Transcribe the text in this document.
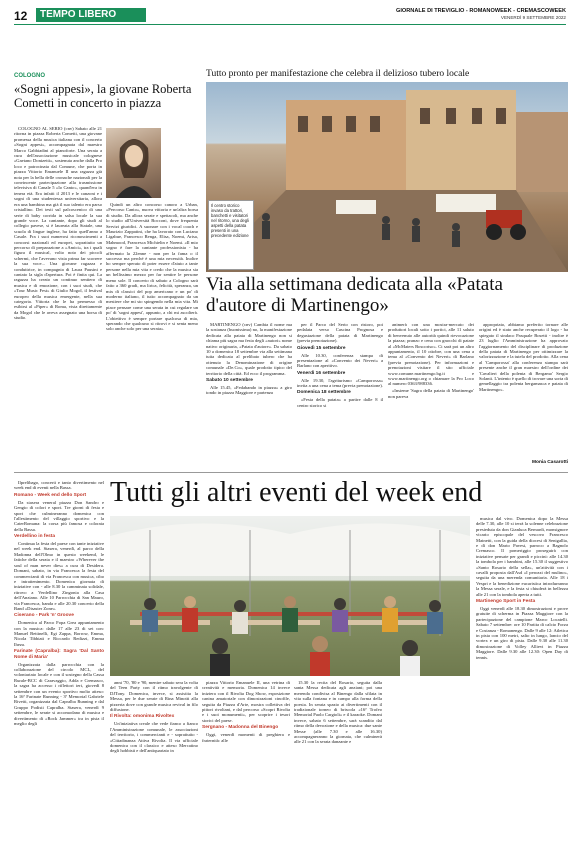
12	TEMPO LIBERO	GIORNALE DI TREVIGLIO - ROMANOWEEK - CREMASCOWEEK
VENERDÌ 9 SETTEMBRE 2022
COLOGNO
«Sogni appesi», la giovane Roberta Cometti in concerto in piazza

COLOGNO AL SERIO (cnv) Sabato alle 21 ritorna in piazza Roberta Cometti, una giovane promessa della musica italiana con il concerto «Sogni appesi», accompagnata dal maestro Marco Gabbiadini al pianoforte. Una serata a cura dell'associazione musicale colognese «Gaetano Donizetti», sostenuta anche dalla Pro loco e patrocinata dal Comune, che porta in piazza Vittorio Emanuele II una ragazza già nota per la bella delle cronache nazionali per la convincente partecipazione alla trasmissione televisiva di Canale 5 «Io Canto», quand'era in tenera età. Era infatti il 2013 e le canzoni e i sogni di una studentessa universitaria, allora era una bambina ma già il suo talento era parso cristallino. Dei testi sul palcoscenico di una serie di baby corrida in salsa locale la sua grande voce. La cantante, dopo gli studi al collegio pavese, si è laureata alla Statale, una scuola di lingue inglese, ha fatto quell'anno a Casale. Fra i suoi numerosi riconoscimenti a concorsi nazionali ed europei, soprattutto un percorso di preparazione a «Amici», tra i quali figura il musical, volto noto dei piccoli schermi, che l'avevano vista prima far scorrere la sua voce... Una giovane ragazza e conduttrice, in compagnia di Laura Pausini e cantato la sigla d'apertura. Poi è finita qui. La ragazza ha creato un continuo sentiero di musica e di emozione, con i suoi studi, che «Tour Music Fest» di Giulio Mogol, il festival europeo della musica emergente, nella sua categoria. Vittoria che le ha permesso di esibirsi al «Piper» di Roma, vista direttamente da Mogol che le aveva assegnato una borsa di studio.

Quindi un altro concorso canoro a Urban, «Percorso Canto», nuova vittoria e un'altra borsa di studio. Da allora serate e spettacoli, ma anche lo studio all'Università Bocconi, dove frequenta Servizi giuridici. A suonare con i vocal coach e Maurizio Zappatini, che ha lavorato con Luciano Ligabue, Francesco Renga, Elisa, Noemi, Arisa, Mahmood, Francesca Michielin e Noemi. «Il mio sogno è fare la cantante professionista - ha affermato la 22enne - non per la fama o il successo ma perché è una mia necessità. Inoltre ho sempre sperato di poter essere d'aiuto a tante persone nella mia vita e credo che la musica sia un bellissimo mezzo per far sentire le persone meno sole. Il concerto di sabato a Cologno sarà fatto a 360 gradi, ma lirica, felicità, speranza, un mix di classici del pop americano e un po' di moderno italiano, il tutto accompagnato da un mestiere che mi sto spingendo nella mia vita. Mi piace pensare come una serata in cui regalare un po' di 'sogni appesi', appunto, a chi mi ascolterà. L'obiettivo è sempre portare qualcosa di mia, sperando che qualcuno si ritrovi e si senta meno solo anche solo per una serata».

Tutto pronto per manifestazione che celebra il delizioso tubero locale
Il centro storico invaso da trattori, banchetti e visitatori nel ritorno, una degli aspetti della patata presenti in una precedente edizione
Via alla settimana dedicata alla «Patata d'autore di Martinengo»

MARTINENGO (cnv) Cambia il nome ma la sostanza (buonissima) no, la manifestazione dedicata alla patata di Martinengo non si chiama più sagra ma festa degli «autori» nome nativo originaria, «Patata d'autore». Da sabato 10 a domenica 18 settembre via alla settimana tutta dedicata al prelibato tubero che ha ottenuto la Denominazione di origine comunale «De.Co», quale prodotto tipico del territorio della città. Ed ecco il programma.

Sabato 10 settembre

Alle 15.45, «Fedabando in piazza» a giro tondo in piazza Maggiore e partenza

per il Parco del Serio con ristoro, poi pedalata verso Cascina Prognosa e degustazione della patata di Martinengo (previa prenotazione).

Giovedì 15 settembre

Alle 10.30, conferenza stampa di presentazione al «Convento dei Neveri» a Barlano con aperitivo.

Venerdì 16 settembre

Alle 19.30, l'agriturismo «Camporossa» invita a una cena a tema (previa prenotazione).

Domenica 18 settembre

«Festa della patata» a partire dalle 8 il centro storico si

animerà con una mostra-mercato dei produttori locali sotto i portici, alle 11 saluto di benvenuto alle autorità quindi rievocazione la piazza; pranzo e cena con gnocchi di patate al «McMaters Boscoriso». Ci sarà poi un altro appuntamento, il 10 ottobre, con una cena a tema al «Convento dei Neveri» di Barlano (previa prenotazione). Per informazioni e prenotazioni visitare il sito ufficiale www.comune.martinengo.bg.it e www.martinengo.org o chiamare la Pro Loco al numero 0363/988336.

«Insieme 'Sagra della patata di Martinengo' non pareva

appropriato, abbiamo preferito tornare alle origini ed è stato anche recuperato il logo - ha spiegato il sindaco Pasquale Bosetti - inoltre è 23 luglio l'Amministrazione ha approvato l'aggiornamento del disciplinare di produzione della patata di Martinengo per ottimizzare la valorizzazione e la tutela del prodotto. Alla cena al 'Camporossa' alla conferenza stampa sarà presente anche il gran maestro dell'ordine dei 'Cavalieri della polenta di Bergamo' Sergio Solanti. L'intento è quello di trovare una sorta di gemellaggio tra polenta bergamasca e patata di Martinengo».

Monia Casarotti
Tutti gli altri eventi del week end

Ilprelibago, concerti e tanto divertimento nel week end di eventi nella Bassa.

Romano - Week end dello Sport

Da stasera veneral piazza Don Sandro e Gengio di colori e sport. Tre giorni di festa e sport che culmineranno domenica con l'allestimento del villaggio sportivo e la CaterRomana: la corsa più famosa e colorata della Bassa.

Verdellino in festa

Continua la festa del paese con tante iniziative nel week end. Stasera, venerdì, al parco della Madonna dell'Olmo in questo weekend, le fatiche della serata e il maestro «Wherever the soul of man never dies» a cura di Desidera. Domani, sabato, in via Francesca la festa del commercianti di via Francesca con musica, cibo e intrattenimento. Domenica giornata di iniziative con - alle 8.30 la camminata solidale, ritrovo a Verdellino Zingonia alla Casa dell'Anziano. Alle 10 Parrocchia di San Mauro, via Francesca, banda e alle 20.30 concerto della Band «Disaster Zone».

Ciserano - Park 'n' Groove

Domenica al Parco Fopa Grea appuntamento con la musica: dalle 17 alle 23 di set con: Manuel Bettinelli, Egi Zappa, Borrow, Emma, Nicola Tibbiati e Riccardo Redizzi, Emma Iheza.

Farinate (Capralba): Sagra 'Dal Santo Nome di Maria'

Organizzata dalla parrocchia con la collaborazione del circolo MCL, del volontariato locale e con il sostegno della Cassa Rurale-BCC di Caravaggio, Adda e Cremasco, la sagra ha accesso i riflettori ieri, giovedì 8 settembre con un evento sportivo molto atteso: la 16ª Farinate Running - 3ª Memorial Gabriele Rivetti, organizzata dal Capralba Running e dal Gruppo Podisti Capralba. Stasera, venerdì 9 settembre, le serate si accomodano di musica e divertimento di «Rock Jammer» tra in pista il meglio degli

anni '70, '80 e '90, mentre sabato sera la volta del Teen Party con il ritmo travolgente di DJTony. Domenica, invece, si assistita la Messa, per le due serate di Rina Minotti alla pizzeria dove con grande musica revival in filo diffusione.

Il Rivolta: omonima Rivoltex

Un'iniziativa creale che vede fianco a fianco l'Amministrazione comunale, le associazioni del territorio, i commercianti e - soprattutto - «Cittadinanza Attiva Rivolta. Il via ufficiale domenica con il classico e atteso Mercatino degli hobbisti e dell'antiquariato in

piazza Vittorio Emanuele II, una vetrina di creatività e memoria. Domenica 14 invece iniziera con il Rivolta Dog Show, esposizione canina amatoriale con dimostrazioni cinofile, seguita da Piazza d'Arte, mostra collettiva dei pittori rivoltani, e dal percorso «Scopri Rivolta e i suoi monumenti», per scoprire i tesori storici del paese.

Sergnano - Madonna del Binengo

Oggi, venerdì momenti di preghiera e fraternità: alle

15.30 la recita del Rosario, seguita dalla santa Messa dedicata agli anziani; poi una merenda condivisa al Binengo dalla sfilata in vita sulla fontana e in campo alla forma della poesia. In serata spazio ai divertimenti con il tradizionale torneo di briscola «16ª Trofeo Memorial Paolo Cargioli» e il karaoke. Domani invece, sabato 6 settembre, sarà scandito dal ritmo della devozione e della musica: due sante Messe (alle 7.30 e alle 16.30) accompagneranno la giornata, che culminerà alle 21 con la serata danzante e

musica dal vivo. Domenica dopo la Messa delle 7.30, alle 10 si terrà la solenne celebrazione presieduta da don Gianluca Bernardi, monsignore vicario episcopale del vescovo Francesco Mainetti, con la guida della diocesi di Senigallia, e dì don Mario Pavesi, parroco a Bagnolo Cremasco. Il pomeriggio proseguirà con iniziative pensate per grandi e piccini: alle 14.30 la tombola per i bambini, alle 15.30 il suggestivo «Santo Rosario della sella», un'attività con i cavalli proposta dall'Asd «I perozzi del mulino», seguita da una merenda comunitaria. Alle 18 i Vespri e la benedizione eucaristica introdurranno la Messa serale, e la festa si chiuderà in bellezza alle 21 con la tombola aperta a tutti.

Martinengo Sport in Festa

Oggi venerdì alle 18.30 dimostrazioni e prove gratuite di scherma in Piazza Maggiore con la partecipazione del campione Marco Locatelli. Sabato 7 settembre: ore 10 Partita di calcio Forza e Costanza - Romanengo. Dalle 9 alle 12: Atletica in pista con 100 metri, salto in lungo, lancio del vortex e un giro di pista. Dalle 9.30 alle 11.30 dimostrazione di Volley Allievi in Piazza Maggiore. Dalle 9.30 alle 12.30: Open Day di tennis.
